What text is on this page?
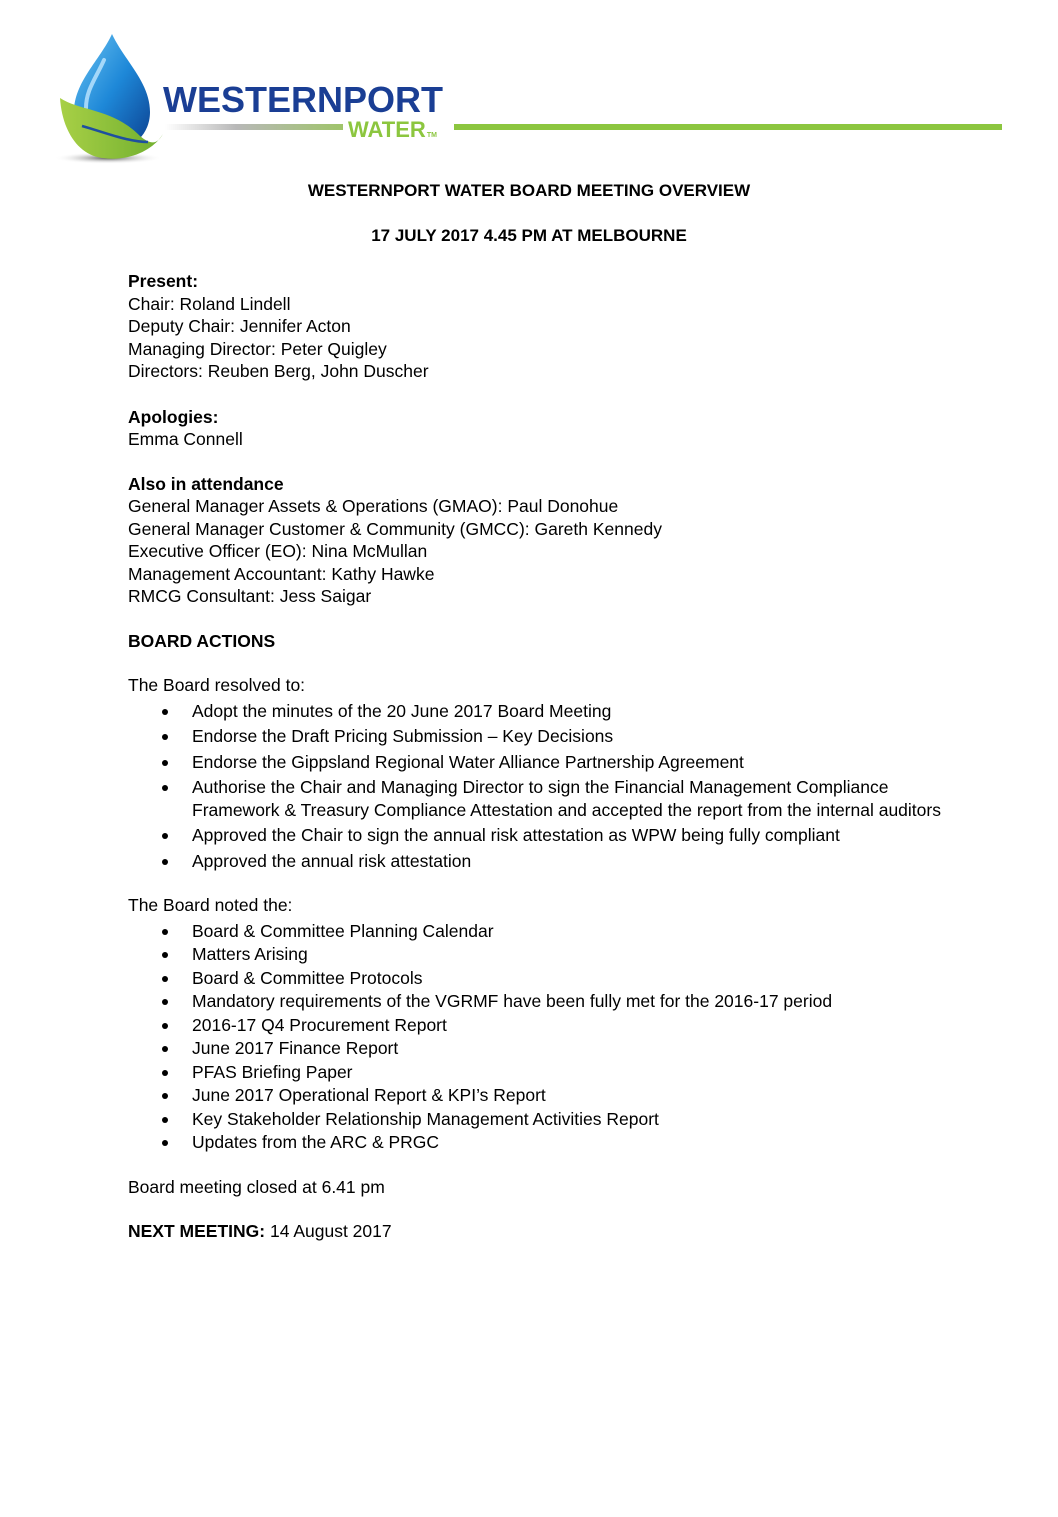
WESTERNPORT
WATERTM
WESTERNPORT WATER BOARD MEETING OVERVIEW
17 JULY 2017 4.45 PM AT MELBOURNE
Present:
Chair: Roland Lindell
Deputy Chair: Jennifer Acton
Managing Director: Peter Quigley
Directors: Reuben Berg, John Duscher
Apologies:
Emma Connell
Also in attendance
General Manager Assets & Operations (GMAO): Paul Donohue
General Manager Customer & Community (GMCC): Gareth Kennedy
Executive Officer (EO): Nina McMullan
Management Accountant: Kathy Hawke
RMCG Consultant: Jess Saigar
BOARD ACTIONS
The Board resolved to:
Adopt the minutes of the 20 June 2017 Board Meeting
Endorse the Draft Pricing Submission – Key Decisions
Endorse the Gippsland Regional Water Alliance Partnership Agreement
Authorise the Chair and Managing Director to sign the Financial Management Compliance Framework & Treasury Compliance Attestation and accepted the report from the internal auditors
Approved the Chair to sign the annual risk attestation as WPW being fully compliant
Approved the annual risk attestation
The Board noted the:
Board & Committee Planning Calendar
Matters Arising
Board & Committee Protocols
Mandatory requirements of the VGRMF have been fully met for the 2016-17 period
2016-17 Q4 Procurement Report
June 2017 Finance Report
PFAS Briefing Paper
June 2017 Operational Report & KPI’s Report
Key Stakeholder Relationship Management Activities Report
Updates from the ARC & PRGC
Board meeting closed at 6.41 pm
NEXT MEETING: 14 August 2017
